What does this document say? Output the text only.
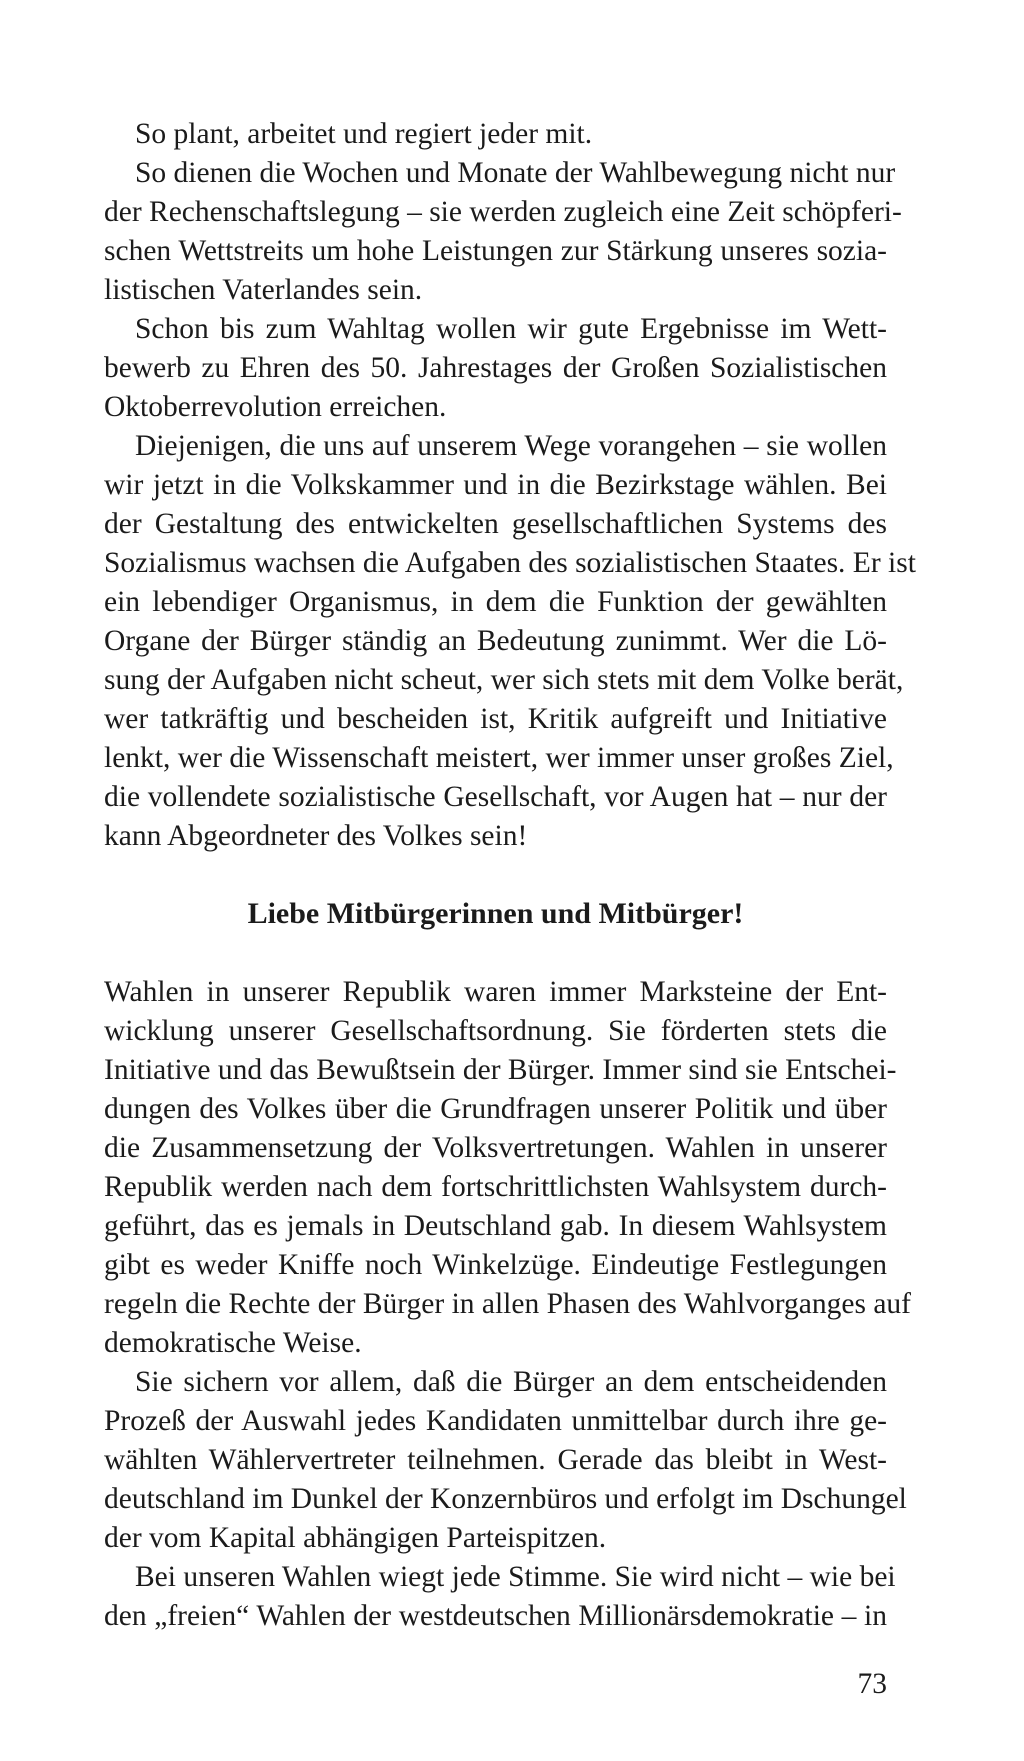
So plant, arbeitet und regiert jeder mit.

So dienen die Wochen und Monate der Wahlbewegung nicht nur

der Rechenschaftslegung – sie werden zugleich eine Zeit schöpferi-

schen Wettstreits um hohe Leistungen zur Stärkung unseres sozia-

listischen Vaterlandes sein.

Schon bis zum Wahltag wollen wir gute Ergebnisse im Wett-

bewerb zu Ehren des 50. Jahrestages der Großen Sozialistischen

Oktoberrevolution erreichen.

Diejenigen, die uns auf unserem Wege vorangehen – sie wollen

wir jetzt in die Volkskammer und in die Bezirkstage wählen. Bei

der Gestaltung des entwickelten gesellschaftlichen Systems des

Sozialismus wachsen die Aufgaben des sozialistischen Staates. Er ist

ein lebendiger Organismus, in dem die Funktion der gewählten

Organe der Bürger ständig an Bedeutung zunimmt. Wer die Lö-

sung der Aufgaben nicht scheut, wer sich stets mit dem Volke berät,

wer tatkräftig und bescheiden ist, Kritik aufgreift und Initiative

lenkt, wer die Wissenschaft meistert, wer immer unser großes Ziel,

die vollendete sozialistische Gesellschaft, vor Augen hat – nur der

kann Abgeordneter des Volkes sein!

Liebe Mitbürgerinnen und Mitbürger!

Wahlen in unserer Republik waren immer Marksteine der Ent-

wicklung unserer Gesellschaftsordnung. Sie förderten stets die

Initiative und das Bewußtsein der Bürger. Immer sind sie Entschei-

dungen des Volkes über die Grundfragen unserer Politik und über

die Zusammensetzung der Volksvertretungen. Wahlen in unserer

Republik werden nach dem fortschrittlichsten Wahlsystem durch-

geführt, das es jemals in Deutschland gab. In diesem Wahlsystem

gibt es weder Kniffe noch Winkelzüge. Eindeutige Festlegungen

regeln die Rechte der Bürger in allen Phasen des Wahlvorganges auf

demokratische Weise.

Sie sichern vor allem, daß die Bürger an dem entscheidenden

Prozeß der Auswahl jedes Kandidaten unmittelbar durch ihre ge-

wählten Wählervertreter teilnehmen. Gerade das bleibt in West-

deutschland im Dunkel der Konzernbüros und erfolgt im Dschungel

der vom Kapital abhängigen Parteispitzen.

Bei unseren Wahlen wiegt jede Stimme. Sie wird nicht – wie bei

den „freien“ Wahlen der westdeutschen Millionärsdemokratie – in

73
